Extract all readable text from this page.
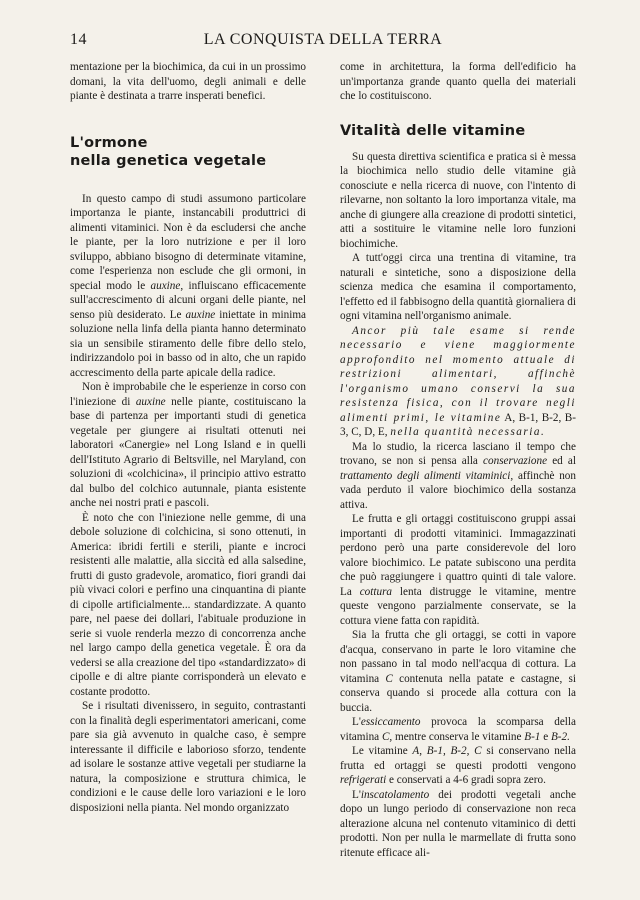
14	LA CONQUISTA DELLA TERRA

mentazione per la biochimica, da cui in un prossimo domani, la vita dell'uomo, degli animali e delle piante è destinata a trarre insperati benefici.

L'ormone
nella genetica vegetale

In questo campo di studi assumono particolare importanza le piante, instancabili produttrici di alimenti vitaminici. Non è da escludersi che anche le piante, per la loro nutrizione e per il loro sviluppo, abbiano bisogno di determinate vitamine, come l'esperienza non esclude che gli ormoni, in special modo le auxine, influiscano efficacemente sull'accrescimento di alcuni organi delle piante, nel senso più desiderato. Le auxine iniettate in minima soluzione nella linfa della pianta hanno determinato sia un sensibile stiramento delle fibre dello stelo, indirizzandolo poi in basso od in alto, che un rapido accrescimento della parte apicale della radice.

Non è improbabile che le esperienze in corso con l'iniezione di auxine nelle piante, costituiscano la base di partenza per importanti studi di genetica vegetale per giungere ai risultati ottenuti nei laboratori «Canergie» nel Long Island e in quelli dell'Istituto Agrario di Beltsville, nel Maryland, con soluzioni di «colchicina», il principio attivo estratto dal bulbo del colchico autunnale, pianta esistente anche nei nostri prati e pascoli.

È noto che con l'iniezione nelle gemme, di una debole soluzione di colchicina, si sono ottenuti, in America: ibridi fertili e sterili, piante e incroci resistenti alle malattie, alla siccità ed alla salsedine, frutti di gusto gradevole, aromatico, fiori grandi dai più vivaci colori e perfino una cinquantina di piante di cipolle artificialmente... standardizzate. A quanto pare, nel paese dei dollari, l'abituale produzione in serie si vuole renderla mezzo di concorrenza anche nel largo campo della genetica vegetale. È ora da vedersi se alla creazione del tipo «standardizzato» di cipolle e di altre piante corrisponderà un elevato e costante prodotto.

Se i risultati divenissero, in seguito, contrastanti con la finalità degli esperimentatori americani, come pare sia già avvenuto in qualche caso, è sempre interessante il difficile e laborioso sforzo, tendente ad isolare le sostanze attive vegetali per studiarne la natura, la composizione e struttura chimica, le condizioni e le cause delle loro variazioni e le loro disposizioni nella pianta. Nel mondo organizzato

come in architettura, la forma dell'edificio ha un'importanza grande quanto quella dei materiali che lo costituiscono.

Vitalità delle vitamine

Su questa direttiva scientifica e pratica si è messa la biochimica nello studio delle vitamine già conosciute e nella ricerca di nuove, con l'intento di rilevarne, non soltanto la loro importanza vitale, ma anche di giungere alla creazione di prodotti sintetici, atti a sostituire le vitamine nelle loro funzioni biochimiche.

A tutt'oggi circa una trentina di vitamine, tra naturali e sintetiche, sono a disposizione della scienza medica che esamina il comportamento, l'effetto ed il fabbisogno della quantità giornaliera di ogni vitamina nell'organismo animale.

Ancor più tale esame si rende necessario e viene maggiormente approfondito nel momento attuale di restrizioni alimentari, affinchè l'organismo umano conservi la sua resistenza fisica, con il trovare negli alimenti primi, le vitamine A, B-1, B-2, B-3, C, D, E, nella quantità necessaria.

Ma lo studio, la ricerca lasciano il tempo che trovano, se non si pensa alla conservazione ed al trattamento degli alimenti vitaminici, affinchè non vada perduto il valore biochimico della sostanza attiva.

Le frutta e gli ortaggi costituiscono gruppi assai importanti di prodotti vitaminici. Immagazzinati perdono però una parte considerevole del loro valore biochimico. Le patate subiscono una perdita che può raggiungere i quattro quinti di tale valore. La cottura lenta distrugge le vitamine, mentre queste vengono parzialmente conservate, se la cottura viene fatta con rapidità.

Sia la frutta che gli ortaggi, se cotti in vapore d'acqua, conservano in parte le loro vitamine che non passano in tal modo nell'acqua di cottura. La vitamina C contenuta nella patate e castagne, si conserva quando si procede alla cottura con la buccia.

L'essiccamento provoca la scomparsa della vitamina C, mentre conserva le vitamine B-1 e B-2.

Le vitamine A, B-1, B-2, C si conservano nella frutta ed ortaggi se questi prodotti vengono refrigerati e conservati a 4-6 gradi sopra zero.

L'inscatolamento dei prodotti vegetali anche dopo un lungo periodo di conservazione non reca alterazione alcuna nel contenuto vitaminico di detti prodotti. Non per nulla le marmellate di frutta sono ritenute efficace ali-
